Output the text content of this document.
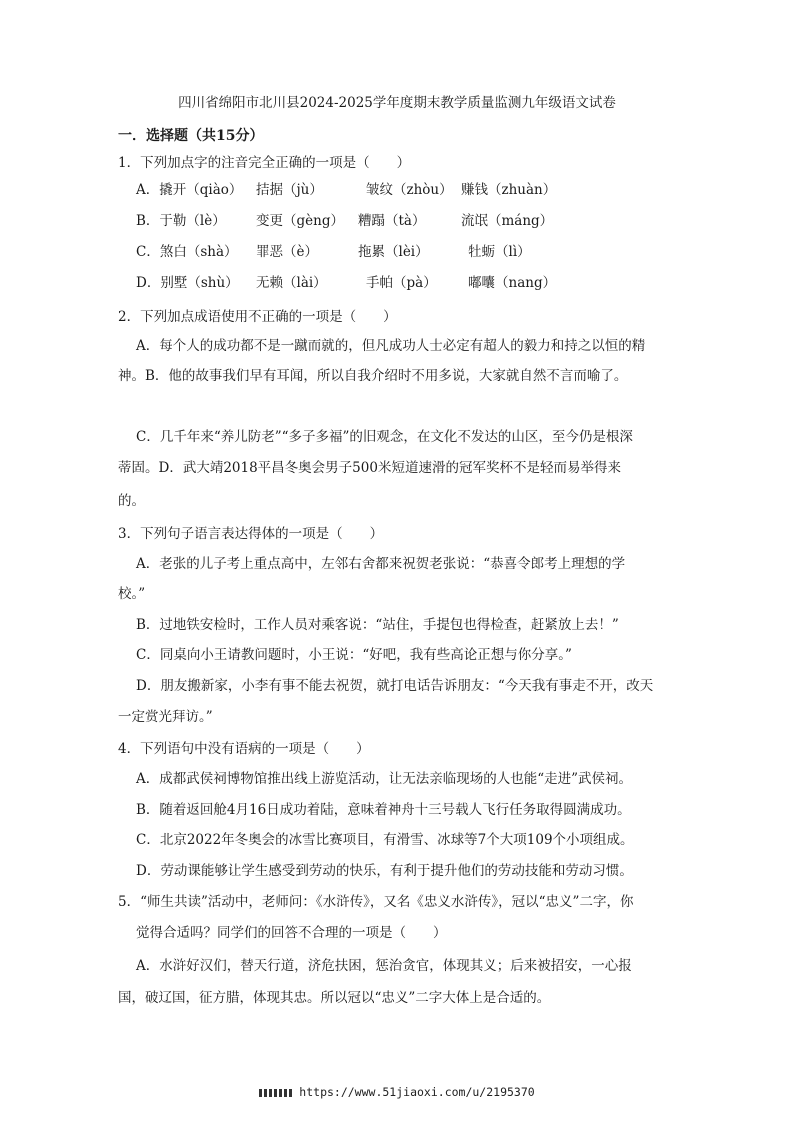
四川省绵阳市北川县2024-2025学年度期末教学质量监测九年级语文试卷
一．选择题（共15分）
1．下列加点字的注音完全正确的一项是（　　）
A．撬开（qiào） 拮据（jù）	皱纹（zhòu） 赚钱（zhuàn）
B．于勒（lè） 变更（gèng） 糟蹋（tà）	流氓（máng）
C．煞白（shà） 罪恶（è）	拖累（lèi）	牡蛎（lì）
D．别墅（shù） 无赖（lài）	手帕（pà） 嘟囔（nang）
2．下列加点成语使用不正确的一项是（　　）
A．每个人的成功都不是一蹴而就的，但凡成功人士必定有超人的毅力和持之以恒的精
神。B．他的故事我们早有耳闻，所以自我介绍时不用多说，大家就自然不言而喻了。
C．几千年来“养儿防老”“多子多福”的旧观念，在文化不发达的山区，至今仍是根深
蒂固。D．武大靖2018平昌冬奥会男子500米短道速滑的冠军奖杯不是轻而易举得来
的。
3．下列句子语言表达得体的一项是（　　）
A．老张的儿子考上重点高中，左邻右舍都来祝贺老张说：“恭喜令郎考上理想的学
校。”
B．过地铁安检时，工作人员对乘客说：“站住，手提包也得检查，赶紧放上去！”
C．同桌向小王请教问题时，小王说：“好吧，我有些高论正想与你分享。”
D．朋友搬新家，小李有事不能去祝贺，就打电话告诉朋友：“今天我有事走不开，改天
一定赏光拜访。”
4．下列语句中没有语病的一项是（　　）
A．成都武侯祠博物馆推出线上游览活动，让无法亲临现场的人也能“走进”武侯祠。
B．随着返回舱4月16日成功着陆，意味着神舟十三号载人飞行任务取得圆满成功。
C．北京2022年冬奥会的冰雪比赛项目，有滑雪、冰球等7个大项109个小项组成。
D．劳动课能够让学生感受到劳动的快乐，有利于提升他们的劳动技能和劳动习惯。
5．“师生共读”活动中，老师问：《水浒传》，又名《忠义水浒传》，冠以“忠义”二字，你
觉得合适吗？同学们的回答不合理的一项是（　　）
A．水浒好汉们，替天行道，济危扶困，惩治贪官，体现其义；后来被招安，一心报
国，破辽国，征方腊，体现其忠。所以冠以“忠义”二字大体上是合适的。
https://www.51jiaoxi.com/u/2195370
